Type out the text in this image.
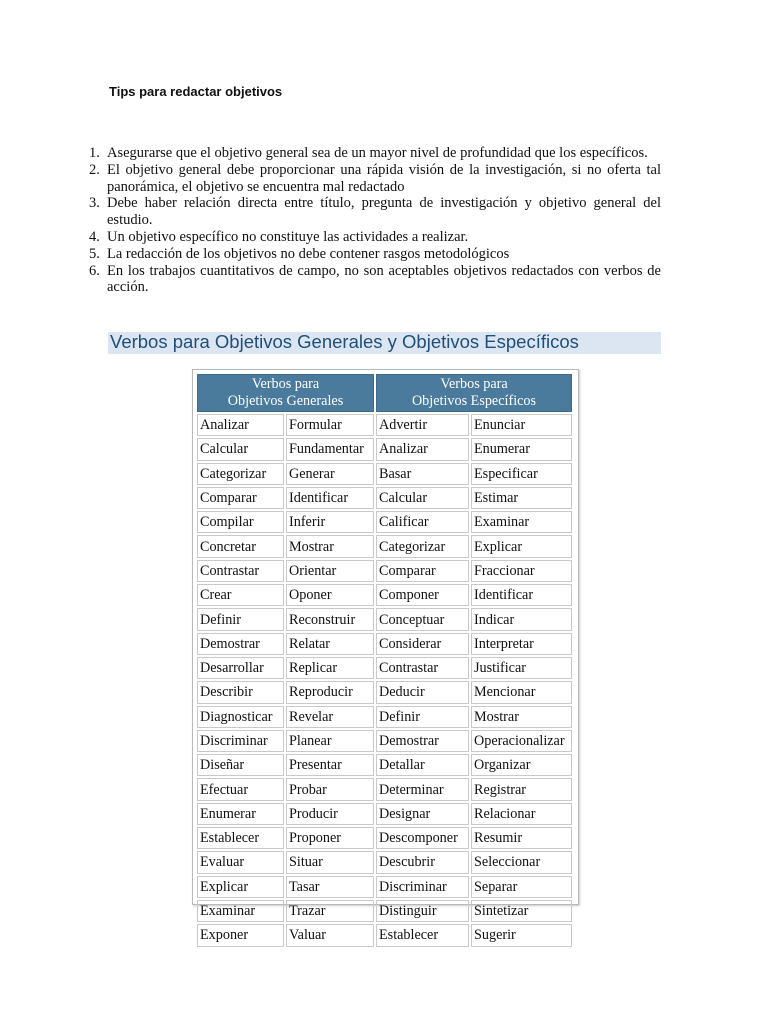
Tips para redactar objetivos
1. Asegurarse que el objetivo general sea de un mayor nivel de profundidad que los específicos.
2. El objetivo general debe proporcionar una rápida visión de la investigación, si no oferta tal panorámica, el objetivo se encuentra mal redactado
3. Debe haber relación directa entre título, pregunta de investigación y objetivo general del estudio.
4. Un objetivo específico no constituye las actividades a realizar.
5. La redacción de los objetivos no debe contener rasgos metodológicos
6. En los trabajos cuantitativos de campo, no son aceptables objetivos redactados con verbos de acción.
Verbos para Objetivos Generales y Objetivos Específicos
Verbos para
Objetivos Generales		Verbos para
Objetivos Específicos	
Analizar	Formular	Advertir	Enunciar
Calcular	Fundamentar	Analizar	Enumerar
Categorizar	Generar	Basar	Especificar
Comparar	Identificar	Calcular	Estimar
Compilar	Inferir	Calificar	Examinar
Concretar	Mostrar	Categorizar	Explicar
Contrastar	Orientar	Comparar	Fraccionar
Crear	Oponer	Componer	Identificar
Definir	Reconstruir	Conceptuar	Indicar
Demostrar	Relatar	Considerar	Interpretar
Desarrollar	Replicar	Contrastar	Justificar
Describir	Reproducir	Deducir	Mencionar
Diagnosticar	Revelar	Definir	Mostrar
Discriminar	Planear	Demostrar	Operacionalizar
Diseñar	Presentar	Detallar	Organizar
Efectuar	Probar	Determinar	Registrar
Enumerar	Producir	Designar	Relacionar
Establecer	Proponer	Descomponer	Resumir
Evaluar	Situar	Descubrir	Seleccionar
Explicar	Tasar	Discriminar	Separar
Examinar	Trazar	Distinguir	Sintetizar
Exponer	Valuar	Establecer	Sugerir
